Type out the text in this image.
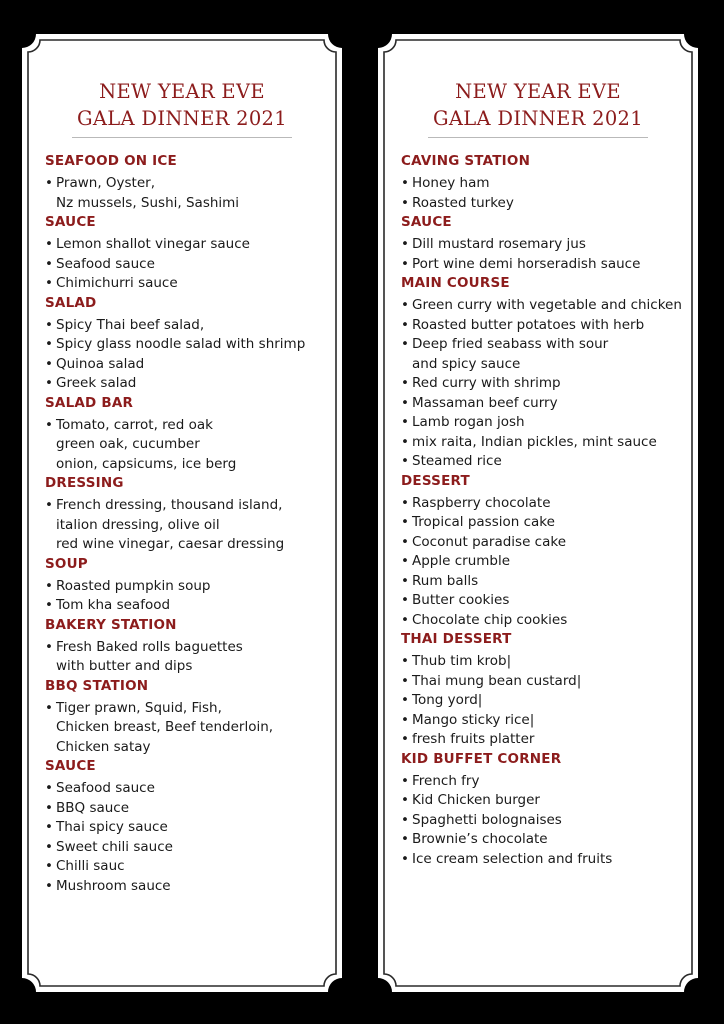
NEW YEAR EVE
GALA DINNER 2021
SEAFOOD ON ICE
• Prawn, Oyster,
Nz mussels, Sushi, Sashimi
SAUCE
• Lemon shallot vinegar sauce
• Seafood sauce
• Chimichurri sauce
SALAD
• Spicy Thai beef salad,
• Spicy glass noodle salad with shrimp
• Quinoa salad
• Greek salad
SALAD BAR
• Tomato, carrot, red oak
green oak, cucumber
onion, capsicums, ice berg
DRESSING
• French dressing, thousand island,
italion dressing, olive oil
red wine vinegar, caesar dressing
SOUP
• Roasted pumpkin soup
• Tom kha seafood
BAKERY STATION
• Fresh Baked rolls baguettes
with butter and dips
BBQ STATION
• Tiger prawn, Squid, Fish,
Chicken breast, Beef tenderloin,
Chicken satay
SAUCE
• Seafood sauce
• BBQ sauce
• Thai spicy sauce
• Sweet chili sauce
• Chilli sauc
• Mushroom sauce
NEW YEAR EVE
GALA DINNER 2021
CAVING STATION
• Honey ham
• Roasted turkey
SAUCE
• Dill mustard rosemary jus
• Port wine demi horseradish sauce
MAIN COURSE
• Green curry with vegetable and chicken
• Roasted butter potatoes with herb
• Deep fried seabass with sour
and spicy sauce
• Red curry with shrimp
• Massaman beef curry
• Lamb rogan josh
• mix raita, Indian pickles, mint sauce
• Steamed rice
DESSERT
• Raspberry chocolate
• Tropical passion cake
• Coconut paradise cake
• Apple crumble
• Rum balls
• Butter cookies
• Chocolate chip cookies
THAI DESSERT
• Thub tim krob|
• Thai mung bean custard|
• Tong yord|
• Mango sticky rice|
• fresh fruits platter
KID BUFFET CORNER
• French fry
• Kid Chicken burger
• Spaghetti bolognaises
• Brownie’s chocolate
• Ice cream selection and fruits
